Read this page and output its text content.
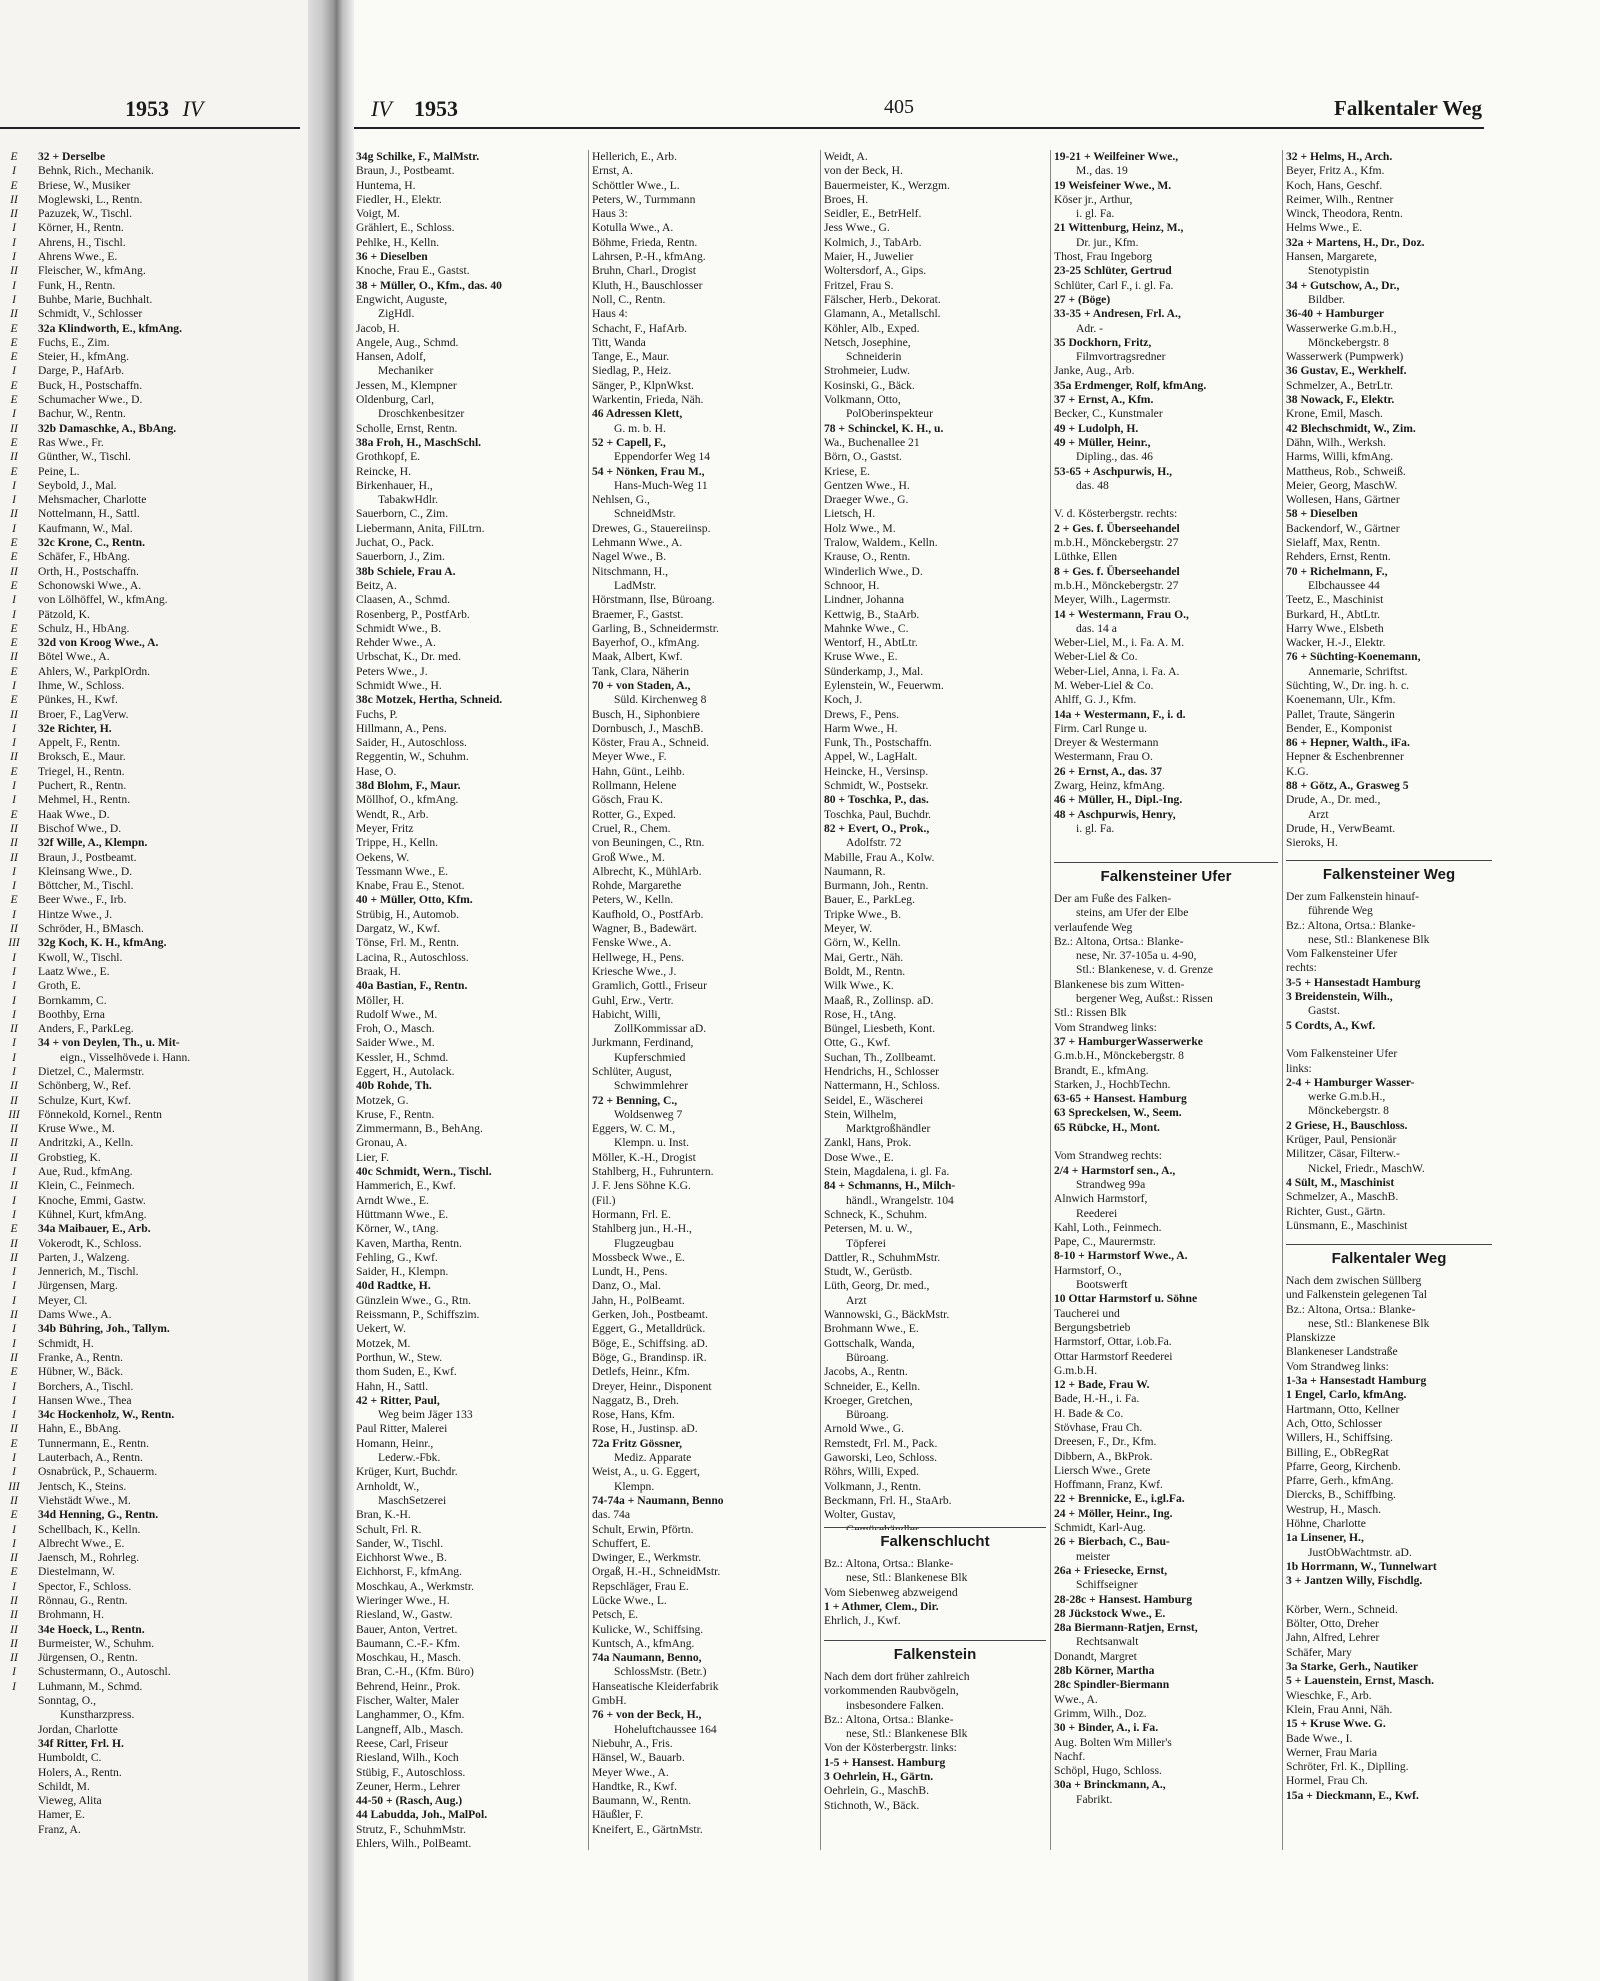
1953 IV
E
I
E
II
II
I
I
I
II
I
I
II
E
E
E
I
E
E
I
II
E
II
E
I
I
II
I
E
E
II
E
I
I
E
E
II
E
I
E
II
I
I
II
E
I
I
E
II
II
II
I
I
E
I
II
III
I
I
I
I
I
II
I
I
I
II
II
III
II
II
II
I
II
I
I
E
II
II
I
I
I
II
I
I
II
E
I
I
I
II
E
I
I
III
II
E
I
I
II
E
I
II
II
II
II
II
I
I
32 + Derselbe
Behnk, Rich., Mechanik.
Briese, W., Musiker
Moglewski, L., Rentn.
Pazuzek, W., Tischl.
Körner, H., Rentn.
Ahrens, H., Tischl.
Ahrens Wwe., E.
Fleischer, W., kfmAng.
Funk, H., Rentn.
Buhbe, Marie, Buchhalt.
Schmidt, V., Schlosser
32a Klindworth, E., kfmAng.
Fuchs, E., Zim.
Steier, H., kfmAng.
Darge, P., HafArb.
Buck, H., Postschaffn.
Schumacher Wwe., D.
Bachur, W., Rentn.
32b Damaschke, A., BbAng.
Ras Wwe., Fr.
Günther, W., Tischl.
Peine, L.
Seybold, J., Mal.
Mehsmacher, Charlotte
Nottelmann, H., Sattl.
Kaufmann, W., Mal.
32c Krone, C., Rentn.
Schäfer, F., HbAng.
Orth, H., Postschaffn.
Schonowski Wwe., A.
von Lölhöffel, W., kfmAng.
Pätzold, K.
Schulz, H., HbAng.
32d von Kroog Wwe., A.
Bötel Wwe., A.
Ahlers, W., ParkplOrdn.
Ihme, W., Schloss.
Pünkes, H., Kwf.
Broer, F., LagVerw.
32e Richter, H.
Appelt, F., Rentn.
Broksch, E., Maur.
Triegel, H., Rentn.
Puchert, R., Rentn.
Mehmel, H., Rentn.
Haak Wwe., D.
Bischof Wwe., D.
32f Wille, A., Klempn.
Braun, J., Postbeamt.
Kleinsang Wwe., D.
Böttcher, M., Tischl.
Beer Wwe., F., Irb.
Hintze Wwe., J.
Schröder, H., BMasch.
32g Koch, K. H., kfmAng.
Kwoll, W., Tischl.
Laatz Wwe., E.
Groth, E.
Bornkamm, C.
Boothby, Erna
Anders, F., ParkLeg.
34 + von Deylen, Th., u. Mit-
eign., Visselhövede i. Hann.
Dietzel, C., Malermstr.
Schönberg, W., Ref.
Schulze, Kurt, Kwf.
Fönnekold, Kornel., Rentn
Kruse Wwe., M.
Andritzki, A., Kelln.
Grobstieg, K.
Aue, Rud., kfmAng.
Klein, C., Feinmech.
Knoche, Emmi, Gastw.
Kühnel, Kurt, kfmAng.
34a Maibauer, E., Arb.
Vokerodt, K., Schloss.
Parten, J., Walzeng.
Jennerich, M., Tischl.
Jürgensen, Marg.
Meyer, Cl.
Dams Wwe., A.
34b Bühring, Joh., Tallym.
Schmidt, H.
Franke, A., Rentn.
Hübner, W., Bäck.
Borchers, A., Tischl.
Hansen Wwe., Thea
34c Hockenholz, W., Rentn.
Hahn, E., BbAng.
Tunnermann, E., Rentn.
Lauterbach, A., Rentn.
Osnabrück, P., Schauerm.
Jentsch, K., Steins.
Viehstädt Wwe., M.
34d Henning, G., Rentn.
Schellbach, K., Kelln.
Albrecht Wwe., E.
Jaensch, M., Rohrleg.
Diestelmann, W.
Spector, F., Schloss.
Rönnau, G., Rentn.
Brohmann, H.
34e Hoeck, L., Rentn.
Burmeister, W., Schuhm.
Jürgensen, O., Rentn.
Schustermann, O., Autoschl.
Luhmann, M., Schmd.
Sonntag, O.,
Kunstharzpress.
Jordan, Charlotte
34f Ritter, Frl. H.
Humboldt, C.
Holers, A., Rentn.
Schildt, M.
Vieweg, Alita
Hamer, E.
Franz, A.
IV 1953	405	Falkentaler Weg
34g Schilke, F., MalMstr.
Braun, J., Postbeamt.
Huntema, H.
Fiedler, H., Elektr.
Voigt, M.
Grählert, E., Schloss.
Pehlke, H., Kelln.
36 + Dieselben
Knoche, Frau E., Gastst.
38 + Müller, O., Kfm., das. 40
Engwicht, Auguste,
ZigHdl.
Jacob, H.
Angele, Aug., Schmd.
Hansen, Adolf,
Mechaniker
Jessen, M., Klempner
Oldenburg, Carl,
Droschkenbesitzer
Scholle, Ernst, Rentn.
38a Froh, H., MaschSchl.
Grothkopf, E.
Reincke, H.
Birkenhauer, H.,
TabakwHdlr.
Sauerborn, C., Zim.
Liebermann, Anita, FilLtrn.
Juchat, O., Pack.
Sauerborn, J., Zim.
38b Schiele, Frau A.
Beitz, A.
Claasen, A., Schmd.
Rosenberg, P., PostfArb.
Schmidt Wwe., B.
Rehder Wwe., A.
Urbschat, K., Dr. med.
Peters Wwe., J.
Schmidt Wwe., H.
38c Motzek, Hertha, Schneid.
Fuchs, P.
Hillmann, A., Pens.
Saider, H., Autoschloss.
Reggentin, W., Schuhm.
Hase, O.
38d Blohm, F., Maur.
Möllhof, O., kfmAng.
Wendt, R., Arb.
Meyer, Fritz
Trippe, H., Kelln.
Oekens, W.
Tessmann Wwe., E.
Knabe, Frau E., Stenot.
40 + Müller, Otto, Kfm.
Strübig, H., Automob.
Dargatz, W., Kwf.
Tönse, Frl. M., Rentn.
Lacina, R., Autoschloss.
Braak, H.
40a Bastian, F., Rentn.
Möller, H.
Rudolf Wwe., M.
Froh, O., Masch.
Saider Wwe., M.
Kessler, H., Schmd.
Eggert, H., Autolack.
40b Rohde, Th.
Motzek, G.
Kruse, F., Rentn.
Zimmermann, B., BehAng.
Gronau, A.
Lier, F.
40c Schmidt, Wern., Tischl.
Hammerich, E., Kwf.
Arndt Wwe., E.
Hüttmann Wwe., E.
Körner, W., tAng.
Kaven, Martha, Rentn.
Fehling, G., Kwf.
Saider, H., Klempn.
40d Radtke, H.
Günzlein Wwe., G., Rtn.
Reissmann, P., Schiffszim.
Uekert, W.
Motzek, M.
Porthun, W., Stew.
thom Suden, E., Kwf.
Hahn, H., Sattl.
42 + Ritter, Paul,
Weg beim Jäger 133
Paul Ritter, Malerei
Homann, Heinr.,
Lederw.-Fbk.
Krüger, Kurt, Buchdr.
Arnholdt, W.,
MaschSetzerei
Bran, K.-H.
Schult, Frl. R.
Sander, W., Tischl.
Eichhorst Wwe., B.
Eichhorst, F., kfmAng.
Moschkau, A., Werkmstr.
Wieringer Wwe., H.
Riesland, W., Gastw.
Bauer, Anton, Vertret.
Baumann, C.-F.- Kfm.
Moschkau, H., Masch.
Bran, C.-H., (Kfm. Büro)
Behrend, Heinr., Prok.
Fischer, Walter, Maler
Langhammer, O., Kfm.
Langneff, Alb., Masch.
Reese, Carl, Friseur
Riesland, Wilh., Koch
Stübig, F., Autoschloss.
Zeuner, Herm., Lehrer
44-50 + (Rasch, Aug.)
44 Labudda, Joh., MalPol.
Strutz, F., SchuhmMstr.
Ehlers, Wilh., PolBeamt.
Hellerich, E., Arb.
Ernst, A.
Schöttler Wwe., L.
Peters, W., Turmmann
Haus 3:
Kotulla Wwe., A.
Böhme, Frieda, Rentn.
Lahrsen, P.-H., kfmAng.
Bruhn, Charl., Drogist
Kluth, H., Bauschlosser
Noll, C., Rentn.
Haus 4:
Schacht, F., HafArb.
Titt, Wanda
Tange, E., Maur.
Siedlag, P., Heiz.
Sänger, P., KlpnWkst.
Warkentin, Frieda, Näh.
46 Adressen Klett,
G. m. b. H.
52 + Capell, F.,
Eppendorfer Weg 14
54 + Nönken, Frau M.,
Hans-Much-Weg 11
Nehlsen, G.,
SchneidMstr.
Drewes, G., Stauereiinsp.
Lehmann Wwe., A.
Nagel Wwe., B.
Nitschmann, H.,
LadMstr.
Hörstmann, Ilse, Büroang.
Braemer, F., Gastst.
Garling, B., Schneidermstr.
Bayerhof, O., kfmAng.
Maak, Albert, Kwf.
Tank, Clara, Näherin
70 + von Staden, A.,
Süld. Kirchenweg 8
Busch, H., Siphonbiere
Dornbusch, J., MaschB.
Köster, Frau A., Schneid.
Meyer Wwe., F.
Hahn, Günt., Leihb.
Rollmann, Helene
Gösch, Frau K.
Rotter, G., Exped.
Cruel, R., Chem.
von Beuningen, C., Rtn.
Groß Wwe., M.
Albrecht, K., MühlArb.
Rohde, Margarethe
Peters, W., Kelln.
Kaufhold, O., PostfArb.
Wagner, B., Badewärt.
Fenske Wwe., A.
Hellwege, H., Pens.
Kriesche Wwe., J.
Gramlich, Gottl., Friseur
Guhl, Erw., Vertr.
Habicht, Willi,
ZollKommissar aD.
Jurkmann, Ferdinand,
Kupferschmied
Schlüter, August,
Schwimmlehrer
72 + Benning, C.,
Woldsenweg 7
Eggers, W. C. M.,
Klempn. u. Inst.
Möller, K.-H., Drogist
Stahlberg, H., Fuhruntern.
J. F. Jens Söhne K.G.
(Fil.)
Hormann, Frl. E.
Stahlberg jun., H.-H.,
Flugzeugbau
Mossbeck Wwe., E.
Lundt, H., Pens.
Danz, O., Mal.
Jahn, H., PolBeamt.
Gerken, Joh., Postbeamt.
Eggert, G., Metalldrück.
Böge, E., Schiffsing. aD.
Böge, G., Brandinsp. iR.
Detlefs, Heinr., Kfm.
Dreyer, Heinr., Disponent
Naggatz, B., Dreh.
Rose, Hans, Kfm.
Rose, H., Justinsp. aD.
72a Fritz Gössner,
Mediz. Apparate
Weist, A., u. G. Eggert,
Klempn.
74-74a + Naumann, Benno
das. 74a
Schult, Erwin, Pförtn.
Schuffert, E.
Dwinger, E., Werkmstr.
Orgaß, H.-H., SchneidMstr.
Repschläger, Frau E.
Lücke Wwe., L.
Petsch, E.
Kulicke, W., Schiffsing.
Kuntsch, A., kfmAng.
74a Naumann, Benno,
SchlossMstr. (Betr.)
Hanseatische Kleiderfabrik
GmbH.
76 + von der Beck, H.,
Hoheluftchaussee 164
Niebuhr, A., Fris.
Hänsel, W., Bauarb.
Meyer Wwe., A.
Handtke, R., Kwf.
Baumann, W., Rentn.
Häußler, F.
Kneifert, E., GärtnMstr.
Weidt, A.
von der Beck, H.
Bauermeister, K., Werzgm.
Broes, H.
Seidler, E., BetrHelf.
Jess Wwe., G.
Kolmich, J., TabArb.
Maier, H., Juwelier
Woltersdorf, A., Gips.
Fritzel, Frau S.
Fälscher, Herb., Dekorat.
Glamann, A., Metallschl.
Köhler, Alb., Exped.
Netsch, Josephine,
Schneiderin
Strohmeier, Ludw.
Kosinski, G., Bäck.
Volkmann, Otto,
PolOberinspekteur
78 + Schinckel, K. H., u.
Wa., Buchenallee 21
Börn, O., Gastst.
Kriese, E.
Gentzen Wwe., H.
Draeger Wwe., G.
Lietsch, H.
Holz Wwe., M.
Tralow, Waldem., Kelln.
Krause, O., Rentn.
Winderlich Wwe., D.
Schnoor, H.
Lindner, Johanna
Kettwig, B., StaArb.
Mahnke Wwe., C.
Wentorf, H., AbtLtr.
Kruse Wwe., E.
Sünderkamp, J., Mal.
Eylenstein, W., Feuerwm.
Koch, J.
Drews, F., Pens.
Harm Wwe., H.
Funk, Th., Postschaffn.
Appel, W., LagHalt.
Heincke, H., Versinsp.
Schmidt, W., Postsekr.
80 + Toschka, P., das.
Toschka, Paul, Buchdr.
82 + Evert, O., Prok.,
Adolfstr. 72
Mabille, Frau A., Kolw.
Naumann, R.
Burmann, Joh., Rentn.
Bauer, E., ParkLeg.
Tripke Wwe., B.
Meyer, W.
Görn, W., Kelln.
Mai, Gertr., Näh.
Boldt, M., Rentn.
Wilk Wwe., K.
Maaß, R., Zollinsp. aD.
Rose, H., tAng.
Büngel, Liesbeth, Kont.
Otte, G., Kwf.
Suchan, Th., Zollbeamt.
Hendrichs, H., Schlosser
Nattermann, H., Schloss.
Seidel, E., Wäscherei
Stein, Wilhelm,
Marktgroßhändler
Zankl, Hans, Prok.
Dose Wwe., E.
Stein, Magdalena, i. gl. Fa.
84 + Schmanns, H., Milch-
händl., Wrangelstr. 104
Schneck, K., Schuhm.
Petersen, M. u. W.,
Töpferei
Dattler, R., SchuhmMstr.
Studt, W., Gerüstb.
Lüth, Georg, Dr. med.,
Arzt
Wannowski, G., BäckMstr.
Brohmann Wwe., E.
Gottschalk, Wanda,
Büroang.
Jacobs, A., Rentn.
Schneider, E., Kelln.
Kroeger, Gretchen,
Büroang.
Arnold Wwe., G.
Remstedt, Frl. M., Pack.
Gaworski, Leo, Schloss.
Röhrs, Willi, Exped.
Volkmann, J., Rentn.
Beckmann, Frl. H., StaArb.
Wolter, Gustav,
19-21 + Weilfeiner Wwe.,
M., das. 19
19 Weisfeiner Wwe., M.
Köser jr., Arthur,
i. gl. Fa.
21 Wittenburg, Heinz, M.,
Dr. jur., Kfm.
Thost, Frau Ingeborg
23-25 Schlüter, Gertrud
Schlüter, Carl F., i. gl. Fa.
27 + (Böge)
33-35 + Andresen, Frl. A.,
Adr. -
35 Dockhorn, Fritz,
Filmvortragsredner
Janke, Aug., Arb.
35a Erdmenger, Rolf, kfmAng.
37 + Ernst, A., Kfm.
Becker, C., Kunstmaler
49 + Ludolph, H.
49 + Müller, Heinr.,
Dipling., das. 46
53-65 + Aschpurwis, H.,
das. 48
V. d. Kösterbergstr. rechts:
2 + Ges. f. Überseehandel
m.b.H., Mönckebergstr. 27
Lüthke, Ellen
8 + Ges. f. Überseehandel
m.b.H., Mönckebergstr. 27
Meyer, Wilh., Lagermstr.
14 + Westermann, Frau O.,
das. 14 a
Weber-Liel, M., i. Fa. A. M.
Weber-Liel & Co.
Weber-Liel, Anna, i. Fa. A.
M. Weber-Liel & Co.
Ahlff, G. J., Kfm.
14a + Westermann, F., i. d.
Firm. Carl Runge u.
Dreyer & Westermann
Westermann, Frau O.
26 + Ernst, A., das. 37
Zwarg, Heinz, kfmAng.
46 + Müller, H., Dipl.-Ing.
48 + Aschpurwis, Henry,
i. gl. Fa.
32 + Helms, H., Arch.
Beyer, Fritz A., Kfm.
Koch, Hans, Geschf.
Reimer, Wilh., Rentner
Winck, Theodora, Rentn.
Helms Wwe., E.
32a + Martens, H., Dr., Doz.
Hansen, Margarete,
Stenotypistin
34 + Gutschow, A., Dr.,
Bildber.
36-40 + Hamburger
Wasserwerke G.m.b.H.,
Mönckebergstr. 8
Wasserwerk (Pumpwerk)
36 Gustav, E., Werkhelf.
Schmelzer, A., BetrLtr.
38 Nowack, F., Elektr.
Krone, Emil, Masch.
42 Blechschmidt, W., Zim.
Dähn, Wilh., Werksh.
Harms, Willi, kfmAng.
Mattheus, Rob., Schweiß.
Meier, Georg, MaschW.
Wollesen, Hans, Gärtner
58 + Dieselben
Backendorf, W., Gärtner
Sielaff, Max, Rentn.
Rehders, Ernst, Rentn.
70 + Richelmann, F.,
Elbchaussee 44
Teetz, E., Maschinist
Burkard, H., AbtLtr.
Harry Wwe., Elsbeth
Wacker, H.-J., Elektr.
76 + Süchting-Koenemann,
Annemarie, Schriftst.
Süchting, W., Dr. ing. h. c.
Koenemann, Ulr., Kfm.
Pallet, Traute, Sängerin
Bender, E., Komponist
86 + Hepner, Walth., iFa.
Hepner & Eschenbrenner
K.G.
88 + Götz, A., Grasweg 5
Drude, A., Dr. med.,
Arzt
Drude, H., VerwBeamt.
Sieroks, H.
Falkensteiner Ufer
Der am Fuße des Falken-
steins, am Ufer der Elbe
verlaufende Weg
Bz.: Altona, Ortsa.: Blanke-
nese, Nr. 37-105a u. 4-90,
Stl.: Blankenese, v. d. Grenze
Blankenese bis zum Witten-
bergener Weg, Außst.: Rissen
Stl.: Rissen Blk
Vom Strandweg links:
37 + HamburgerWasserwerke
G.m.b.H., Mönckebergstr. 8
Brandt, E., kfmAng.
Starken, J., HochbTechn.
63-65 + Hansest. Hamburg
63 Spreckelsen, W., Seem.
65 Rübcke, H., Mont.
Vom Strandweg rechts:
2/4 + Harmstorf sen., A.,
Strandweg 99a
Alnwich Harmstorf,
Reederei
Kahl, Loth., Feinmech.
Pape, C., Maurermstr.
8-10 + Harmstorf Wwe., A.
Harmstorf, O.,
Bootswerft
10 Ottar Harmstorf u. Söhne
Taucherei und
Bergungsbetrieb
Harmstorf, Ottar, i.ob.Fa.
Ottar Harmstorf Reederei
G.m.b.H.
12 + Bade, Frau W.
Bade, H.-H., i. Fa.
H. Bade & Co.
Stövhase, Frau Ch.
Dreesen, F., Dr., Kfm.
Dibbern, A., BkProk.
Liersch Wwe., Grete
Hoffmann, Franz, Kwf.
22 + Brennicke, E., i.gl.Fa.
24 + Möller, Heinr., Ing.
Schmidt, Karl-Aug.
26 + Bierbach, C., Bau-
meister
26a + Friesecke, Ernst,
Schiffseigner
28-28c + Hansest. Hamburg
28 Jückstock Wwe., E.
28a Biermann-Ratjen, Ernst,
Rechtsanwalt
Donandt, Margret
28b Körner, Martha
28c Spindler-Biermann
Wwe., A.
Grimm, Wilh., Doz.
30 + Binder, A., i. Fa.
Aug. Bolten Wm Miller's
Nachf.
Schöpl, Hugo, Schloss.
30a + Brinckmann, A.,
Fabrikt.
Falkenschlucht
Bz.: Altona, Ortsa.: Blanke-
nese, Stl.: Blankenese Blk
Vom Siebenweg abzweigend
1 + Athmer, Clem., Dir.
Ehrlich, J., Kwf.
Falkenstein
Nach dem dort früher zahlreich
vorkommenden Raubvögeln,
insbesondere Falken.
Bz.: Altona, Ortsa.: Blanke-
nese, Stl.: Blankenese Blk
Von der Kösterbergstr. links:
1-5 + Hansest. Hamburg
3 Oehrlein, H., Gärtn.
Oehrlein, G., MaschB.
Stichnoth, W., Bäck.
Falkensteiner Weg
Der zum Falkenstein hinauf-
führende Weg
Bz.: Altona, Ortsa.: Blanke-
nese, Stl.: Blankenese Blk
Vom Falkensteiner Ufer
rechts:
3-5 + Hansestadt Hamburg
3 Breidenstein, Wilh.,
Gastst.
5 Cordts, A., Kwf.
Vom Falkensteiner Ufer
links:
2-4 + Hamburger Wasser-
werke G.m.b.H.,
Mönckebergstr. 8
2 Griese, H., Bauschloss.
Krüger, Paul, Pensionär
Militzer, Cäsar, Filterw.-
Nickel, Friedr., MaschW.
4 Sült, M., Maschinist
Schmelzer, A., MaschB.
Richter, Gust., Gärtn.
Lünsmann, E., Maschinist
Falkentaler Weg
Nach dem zwischen Süllberg
und Falkenstein gelegenen Tal
Bz.: Altona, Ortsa.: Blanke-
nese, Stl.: Blankenese Blk
Planskizze
Blankeneser Landstraße
Vom Strandweg links:
1-3a + Hansestadt Hamburg
1 Engel, Carlo, kfmAng.
Hartmann, Otto, Kellner
Ach, Otto, Schlosser
Willers, H., Schiffsing.
Billing, E., ObRegRat
Pfarre, Georg, Kirchenb.
Pfarre, Gerh., kfmAng.
Diercks, B., Schiffbing.
Westrup, H., Masch.
Höhne, Charlotte
1a Linsener, H.,
JustObWachtmstr. aD.
1b Horrmann, W., Tunnelwart
3 + Jantzen Willy, Fischdlg.
Körber, Wern., Schneid.
Bölter, Otto, Dreher
Jahn, Alfred, Lehrer
Schäfer, Mary
3a Starke, Gerh., Nautiker
5 + Lauenstein, Ernst, Masch.
Wieschke, F., Arb.
Klein, Frau Anni, Näh.
15 + Kruse Wwe. G.
Bade Wwe., I.
Werner, Frau Maria
Schröter, Frl. K., Diplling.
Hormel, Frau Ch.
15a + Dieckmann, E., Kwf.
